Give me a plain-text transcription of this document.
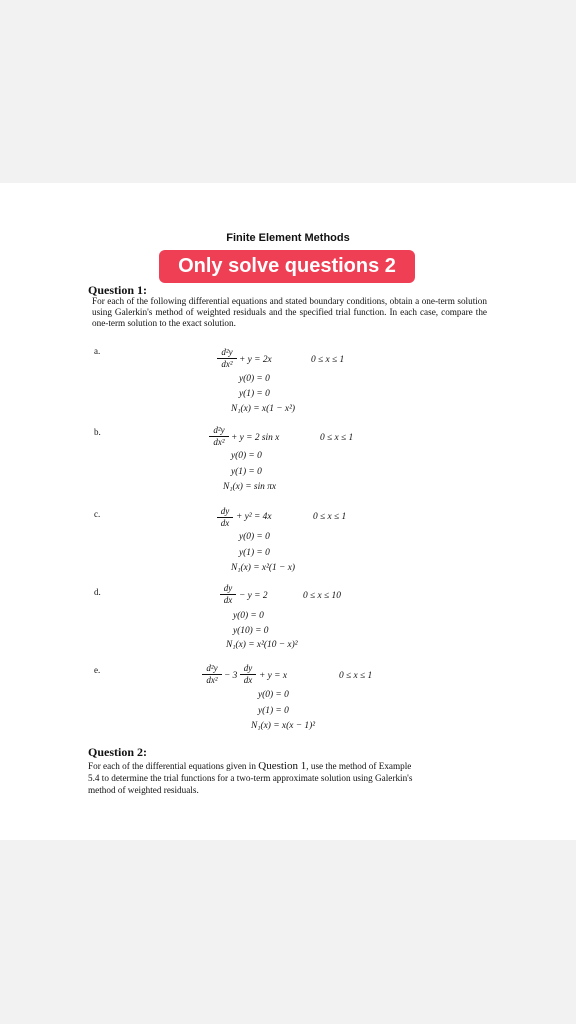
Finite Element Methods
Only solve questions 2
Question 1:
For each of the following differential equations and stated boundary conditions, obtain a one-term solution using Galerkin's method of weighted residuals and the specified trial function. In each case, compare the one-term solution to the exact solution.
a.	d²y
dx² + y = 2x	0 ≤ x ≤ 1
y(0) = 0
y(1) = 0
N₁(x) = x(1 − x²)
b.	d²y
dx² + y = 2 sin x	0 ≤ x ≤ 1
y(0) = 0
y(1) = 0
N₁(x) = sin πx
c.	dy
dx
+ y² = 4x	0 ≤ x ≤ 1
y(0) = 0
y(1) = 0
N₁(x) = x²(1 − x)
d.	dy
dx − y = 2	0 ≤ x ≤ 10
y(0) = 0
y(10) = 0
N₁(x) = x²(10 − x)²
e.	d²y
dx² − 3
dy
dx + y = x	0 ≤ x ≤ 1
y(0) = 0
y(1) = 0
N₁(x) = x(x − 1)²
Question 2:
For each of the differential equations given in Question 1, use the method of Example 5.4 to determine the trial functions for a two-term approximate solution using Galerkin's method of weighted residuals.
